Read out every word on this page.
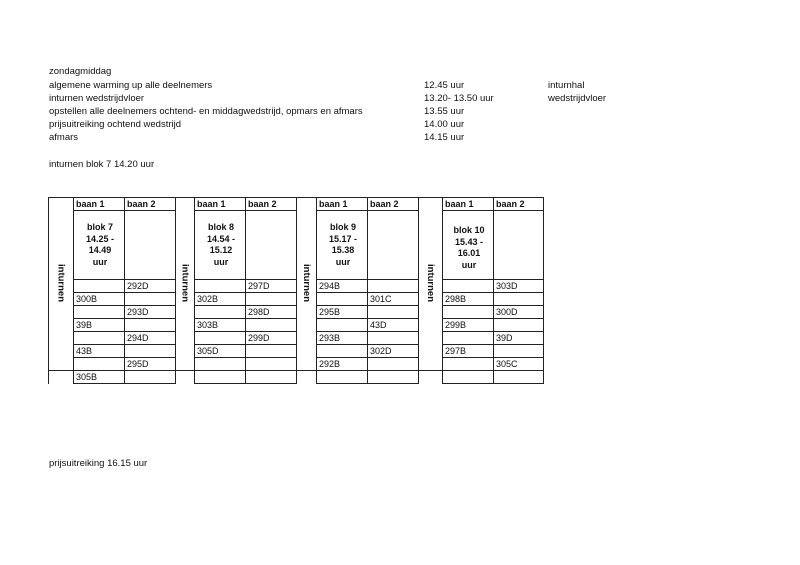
zondagmiddag
algemene warming up alle deelnemers	12.45 uur	inturnhal
inturnen wedstrijdvloer	13.20- 13.50 uur	wedstrijdvloer
opstellen alle deelnemers ochtend- en middagwedstrijd, opmars en afmars	13.55 uur
prijsuitreiking ochtend wedstrijd	14.00 uur
afmars	14.15 uur
inturnen blok 7 14.20 uur
inturnen	baan 1	baan 2	inturnen	baan 1	baan 2	inturnen	baan 1	baan 2	inturnen	baan 1	baan 2

	blok 7
14.25 -
14.49
uur			blok 8
14.54 -
15.12
uur			blok 9
15.17 -
15.38
uur			blok 10
15.43 -
16.01
uur	

		292D			297D		294B				303D
	300B			302B				301C		298B	
		293D			298D		295B				300D
	39B			303B				43D		299B	
		294D			299D		293B				39D
	43B			305D				302D		297B	
		295D					292B				305C
	305B										
prijsuitreiking 16.15 uur
